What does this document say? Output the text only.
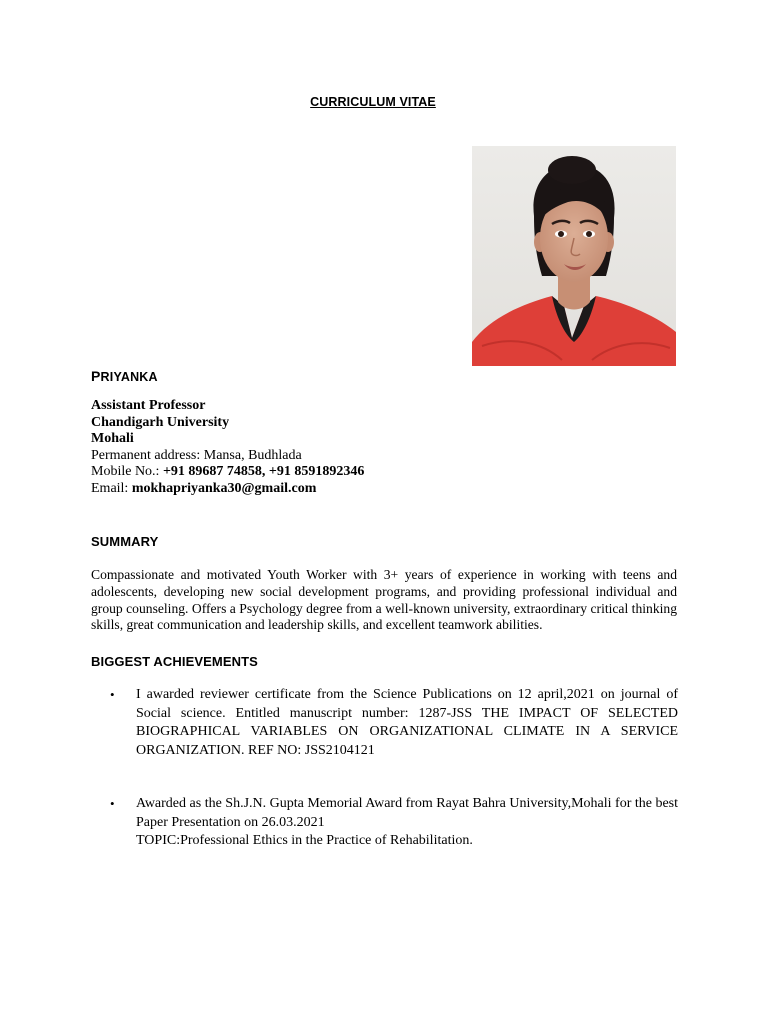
CURRICULUM VITAE
PRIYANKA
Assistant Professor
Chandigarh University
Mohali
Permanent address: Mansa, Budhlada
Mobile No.: +91 89687 74858, +91 8591892346
Email: mokhapriyanka30@gmail.com
SUMMARY
Compassionate and motivated Youth Worker with 3+ years of experience in working with teens and adolescents, developing new social development programs, and providing professional individual and group counseling. Offers a Psychology degree from a well-known university, extraordinary critical thinking skills, great communication and leadership skills, and excellent teamwork abilities.
BIGGEST ACHIEVEMENTS
• I awarded reviewer certificate from the Science Publications on 12 april,2021 on journal of Social science. Entitled manuscript number: 1287-JSS THE IMPACT OF SELECTED BIOGRAPHICAL VARIABLES ON ORGANIZATIONAL CLIMATE IN A SERVICE ORGANIZATION. REF NO: JSS2104121
• Awarded as the Sh.J.N. Gupta Memorial Award from Rayat Bahra University,Mohali for the best Paper Presentation on 26.03.2021
TOPIC:Professional Ethics in the Practice of Rehabilitation.
